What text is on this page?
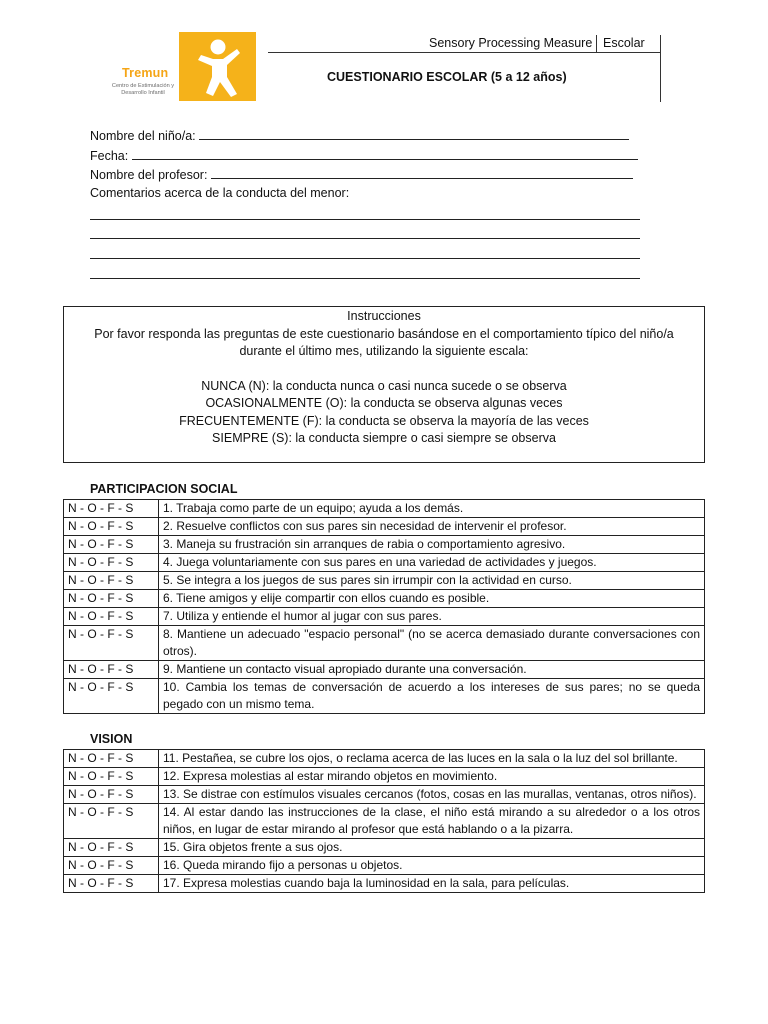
Tremun
Centro de Estimulación y Desarrollo Infantil
Sensory Processing Measure Escolar
CUESTIONARIO ESCOLAR (5 a 12 años)
Nombre del niño/a:
Fecha:
Nombre del profesor:
Comentarios acerca de la conducta del menor:

Instrucciones

Por favor responda las preguntas de este cuestionario basándose en el comportamiento típico del niño/a

durante el último mes, utilizando la siguiente escala:

NUNCA (N): la conducta nunca o casi nunca sucede o se observa

OCASIONALMENTE (O): la conducta se observa algunas veces

FRECUENTEMENTE (F): la conducta se observa la mayoría de las veces

SIEMPRE (S): la conducta siempre o casi siempre se observa

PARTICIPACION SOCIAL
N - O - F - S	1. Trabaja como parte de un equipo; ayuda a los demás.
N - O - F - S	2. Resuelve conflictos con sus pares sin necesidad de intervenir el profesor.
N - O - F - S	3. Maneja su frustración sin arranques de rabia o comportamiento agresivo.
N - O - F - S	4. Juega voluntariamente con sus pares en una variedad de actividades y juegos.
N - O - F - S	5. Se integra a los juegos de sus pares sin irrumpir con la actividad en curso.
N - O - F - S	6. Tiene amigos y elije compartir con ellos cuando es posible.
N - O - F - S	7. Utiliza y entiende el humor al jugar con sus pares.
N - O - F - S	8. Mantiene un adecuado "espacio personal" (no se acerca demasiado durante conversaciones con otros).
N - O - F - S	9. Mantiene un contacto visual apropiado durante una conversación.
N - O - F - S	10. Cambia los temas de conversación de acuerdo a los intereses de sus pares; no se queda pegado con un mismo tema.
VISION
N - O - F - S	11. Pestañea, se cubre los ojos, o reclama acerca de las luces en la sala o la luz del sol brillante.
N - O - F - S	12. Expresa molestias al estar mirando objetos en movimiento.
N - O - F - S	13. Se distrae con estímulos visuales cercanos (fotos, cosas en las murallas, ventanas, otros niños).
N - O - F - S	14. Al estar dando las instrucciones de la clase, el niño está mirando a su alrededor o a los otros niños, en lugar de estar mirando al profesor que está hablando o a la pizarra.
N - O - F - S	15. Gira objetos frente a sus ojos.
N - O - F - S	16. Queda mirando fijo a personas u objetos.
N - O - F - S	17. Expresa molestias cuando baja la luminosidad en la sala, para películas.
